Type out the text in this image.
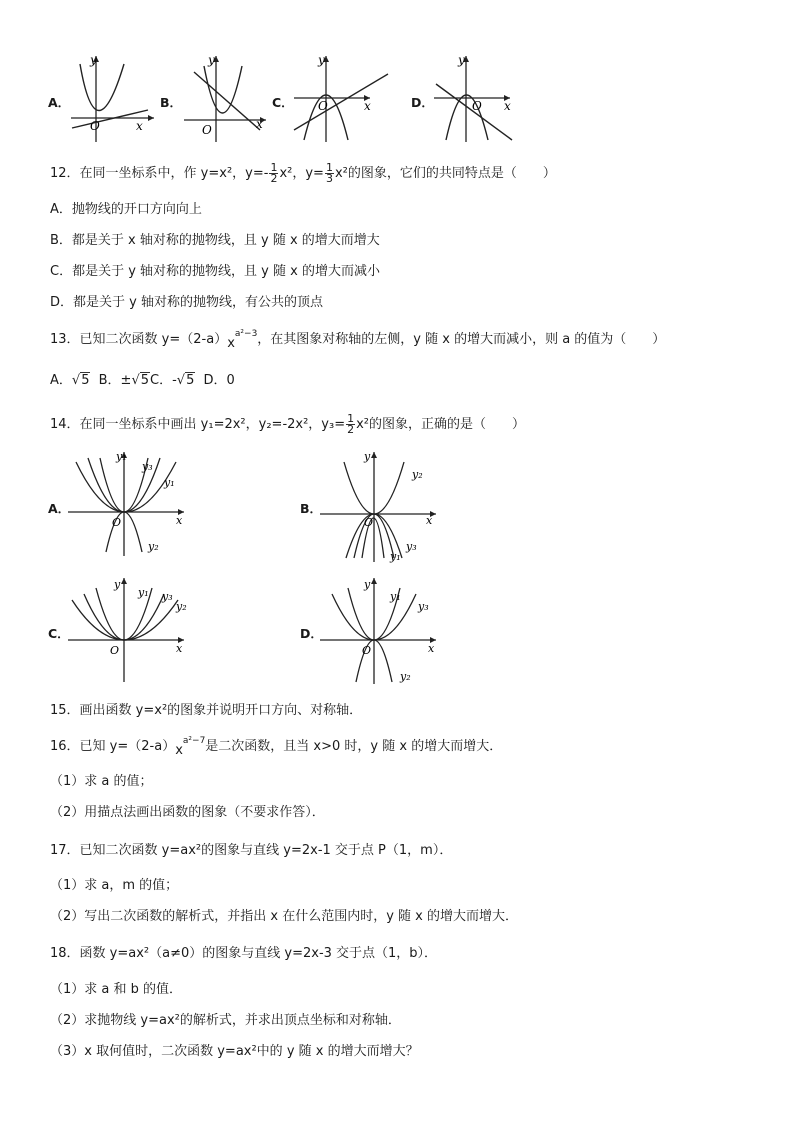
A．
y
x
O
B．
y
x
O
C．
y
x
O	D．
y
x
O
12．在同一坐标系中，作 y=x²，$y=- \frac{1}{2} x^2$，$y= \frac{1}{3} x^2$的图象，它们的共同特点是（　　）
A．抛物线的开口方向向上
B．都是关于 x 轴对称的抛物线，且 y 随 x 的增大而增大
C．都是关于 y 轴对称的抛物线，且 y 随 x 的增大而减小
D．都是关于 y 轴对称的抛物线，有公共的顶点
13．已知二次函数 $y=(2-a)x^{a^2-3}$，在其图象对称轴的左侧，y 随 x 的增大而减小，则 a 的值为（　　）
A．√5 B．±√5C．-√5 D．0
14．在同一坐标系中画出 y₁=2x²，y₂=-2x²，$y_3= \frac{1}{2} x^2$的图象，正确的是（　　）
A．
y₁
y₃
y₁
y₂
x
O
B．
y
y₂
y₃
y₁
x
O
C．
y
y₁ y₃
y₂
x
O
D．
y
y₁
y₃
y₂
x
O
15．画出函数 y=x²的图象并说明开口方向、对称轴．
16．已知 $y=(2-a)x^{a^2-7}$是二次函数，且当 x>0 时，y 随 x 的增大而增大．
（1）求 a 的值；
（2）用描点法画出函数的图象（不要求作答）．
17．已知二次函数 y=ax²的图象与直线 y=2x-1 交于点 P（1，m）．
（1）求 a，m 的值；
（2）写出二次函数的解析式，并指出 x 在什么范围内时，y 随 x 的增大而增大．
18．函数 y=ax²（a≠0）的图象与直线 y=2x-3 交于点（1，b）．
（1）求 a 和 b 的值．
（2）求抛物线 y=ax²的解析式，并求出顶点坐标和对称轴．
（3）x 取何值时，二次函数 y=ax²中的 y 随 x 的增大而增大？
